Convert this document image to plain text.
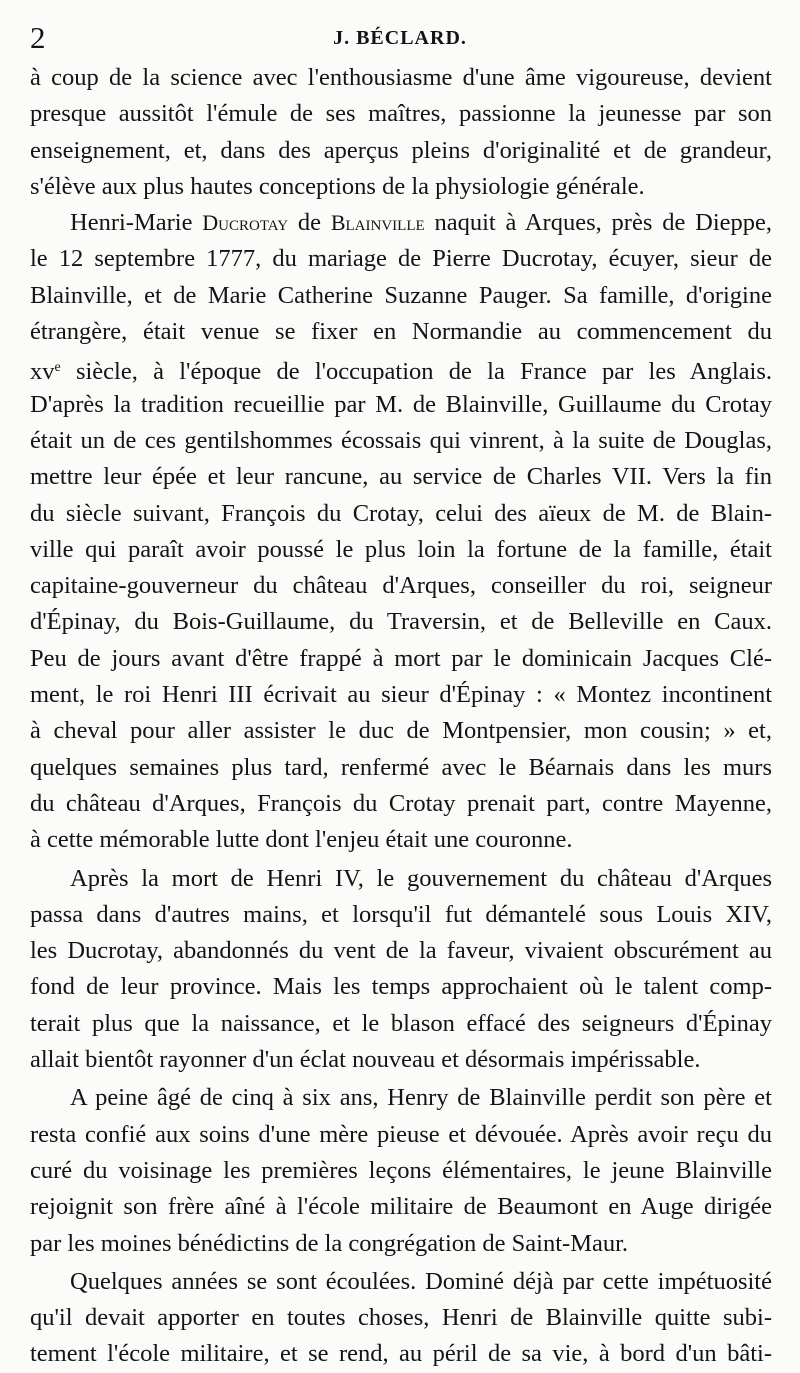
2	J. BÉCLARD.
à coup de la science avec l'enthousiasme d'une âme vigoureuse, devient
presque aussitôt l'émule de ses maîtres, passionne la jeunesse par son
enseignement, et, dans des aperçus pleins d'originalité et de grandeur,
s'élève aux plus hautes conceptions de la physiologie générale.
Henri-Marie Ducrotay de Blainville naquit à Arques, près de Dieppe,
le 12 septembre 1777, du mariage de Pierre Ducrotay, écuyer, sieur de
Blainville, et de Marie Catherine Suzanne Pauger. Sa famille, d'origine
étrangère, était venue se fixer en Normandie au commencement du
$xv^e$ siècle, à l'époque de l'occupation de la France par les Anglais.
D'après la tradition recueillie par M. de Blainville, Guillaume du Crotay
était un de ces gentilshommes écossais qui vinrent, à la suite de Douglas,
mettre leur épée et leur rancune, au service de Charles VII. Vers la fin
du siècle suivant, François du Crotay, celui des aïeux de M. de Blain-
ville qui paraît avoir poussé le plus loin la fortune de la famille, était
capitaine-gouverneur du château d'Arques, conseiller du roi, seigneur
d'Épinay, du Bois-Guillaume, du Traversin, et de Belleville en Caux.
Peu de jours avant d'être frappé à mort par le dominicain Jacques Clé-
ment, le roi Henri III écrivait au sieur d'Épinay : « Montez incontinent
à cheval pour aller assister le duc de Montpensier, mon cousin; » et,
quelques semaines plus tard, renfermé avec le Béarnais dans les murs
du château d'Arques, François du Crotay prenait part, contre Mayenne,
à cette mémorable lutte dont l'enjeu était une couronne.
Après la mort de Henri IV, le gouvernement du château d'Arques
passa dans d'autres mains, et lorsqu'il fut démantelé sous Louis XIV,
les Ducrotay, abandonnés du vent de la faveur, vivaient obscurément au
fond de leur province. Mais les temps approchaient où le talent comp-
terait plus que la naissance, et le blason effacé des seigneurs d'Épinay
allait bientôt rayonner d'un éclat nouveau et désormais impérissable.
A peine âgé de cinq à six ans, Henry de Blainville perdit son père et
resta confié aux soins d'une mère pieuse et dévouée. Après avoir reçu du
curé du voisinage les premières leçons élémentaires, le jeune Blainville
rejoignit son frère aîné à l'école militaire de Beaumont en Auge dirigée
par les moines bénédictins de la congrégation de Saint-Maur.
Quelques années se sont écoulées. Dominé déjà par cette impétuosité
qu'il devait apporter en toutes choses, Henri de Blainville quitte subi-
tement l'école militaire, et se rend, au péril de sa vie, à bord d'un bâti-
